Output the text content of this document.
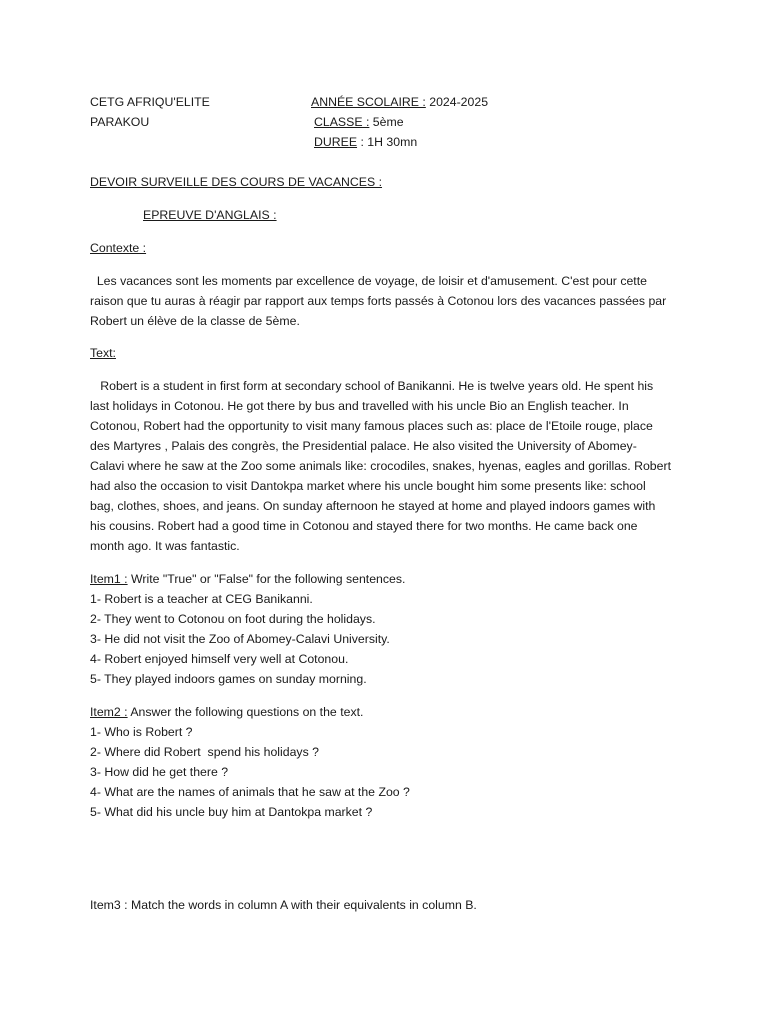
CETG AFRIQU'ELITE
PARAKOU
ANNÉE SCOLAIRE : 2024-2025
CLASSE : 5ème
DUREE : 1H 30mn
DEVOIR SURVEILLE DES COURS DE VACANCES :
EPREUVE D'ANGLAIS :
Contexte :
Les vacances sont les moments par excellence de voyage, de loisir et d'amusement. C'est pour cette
raison que tu auras à réagir par rapport aux temps forts passés à Cotonou lors des vacances passées par
Robert un élève de la classe de 5ème.
Text:
Robert is a student in first form at secondary school of Banikanni. He is twelve years old. He spent his
last holidays in Cotonou. He got there by bus and travelled with his uncle Bio an English teacher. In
Cotonou, Robert had the opportunity to visit many famous places such as: place de l'Etoile rouge, place
des Martyres , Palais des congrès, the Presidential palace. He also visited the University of Abomey-
Calavi where he saw at the Zoo some animals like: crocodiles, snakes, hyenas, eagles and gorillas. Robert
had also the occasion to visit Dantokpa market where his uncle bought him some presents like: school
bag, clothes, shoes, and jeans. On sunday afternoon he stayed at home and played indoors games with
his cousins. Robert had a good time in Cotonou and stayed there for two months. He came back one
month ago. It was fantastic.
Item1 : Write "True" or "False" for the following sentences.
1- Robert is a teacher at CEG Banikanni.
2- They went to Cotonou on foot during the holidays.
3- He did not visit the Zoo of Abomey-Calavi University.
4- Robert enjoyed himself very well at Cotonou.
5- They played indoors games on sunday morning.
Item2 : Answer the following questions on the text.
1- Who is Robert ?
2- Where did Robert  spend his holidays ?
3- How did he get there ?
4- What are the names of animals that he saw at the Zoo ?
5- What did his uncle buy him at Dantokpa market ?
Item3 : Match the words in column A with their equivalents in column B.
